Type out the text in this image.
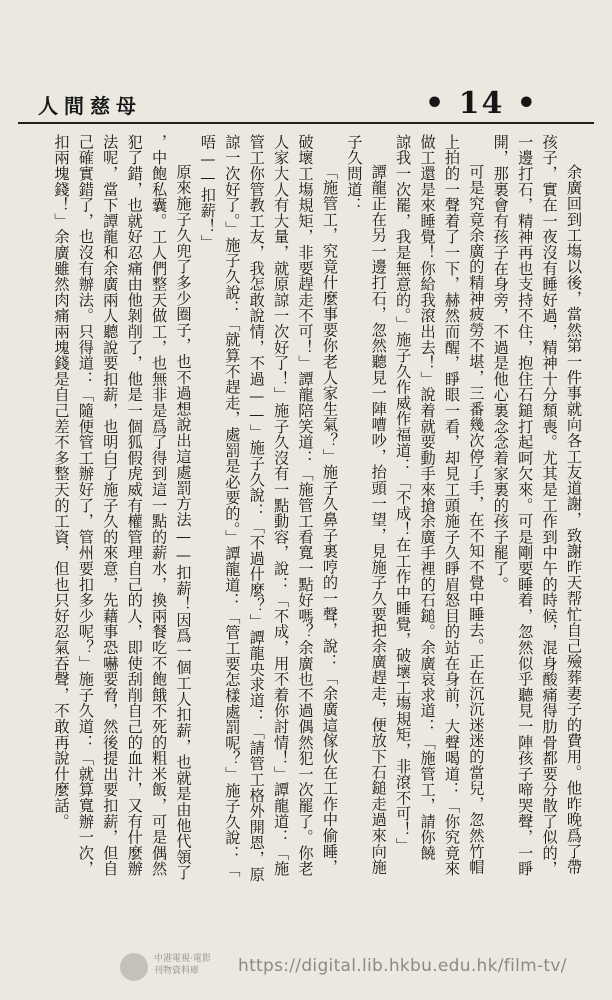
人間慈母	• 14 •

余廣回到工塲以後，當然第一件事就向各工友道謝，致謝昨天帮忙自己殮葬妻子的費用。他昨晚爲了帶

孩子，實在一夜沒有睡好過，精神十分頹喪。尤其是工作到中午的時候，混身酸痛得肋骨都要分散了似的，

一邊打石，精神再也支持不住，抱住石鎚打起呵欠來。可是剛要睡着，忽然似乎聽見一陣孩子啼哭聲，一睜

開，那裏會有孩子在身旁，不過是他心裏念念着家裏的孩子罷了。

可是究竟余廣的精神疲勞不堪，三番幾次停了手，在不知不覺中睡去。正在沉沉迷迷的當兒，忽然竹帽

上拍的一聲着了一下，赫然而醒，睜眼一看，却見工頭施子久睜眉怒目的站在身前，大聲喝道：「你究竟來

做工還是來睡覺！你給我滾出去！」說着就要動手來搶余廣手裡的石鎚。余廣哀求道：「施管工，請你饒

諒我一次罷，我是無意的。」施子久作威作福道：「不成！在工作中睡覺，破壞工塲規矩，非滾不可！」

譚龍正在另一邊打石，忽然聽見一陣嘈吵，抬頭一望，見施子久要把余廣趕走，便放下石鎚走過來向施

子久問道：

「施管工，究竟什麼事要你老人家生氣？」施子久鼻子裏哼的一聲，說：「余廣這傢伙在工作中偷睡，

破壞工塲規矩，非要趕走不可！」譚龍陪笑道：「施管工看寬一點好嗎？余廣也不過偶然犯一次罷了。你老

人家大人有大量，就原諒一次好了！」施子久沒有一點動容，說：「不成，用不着你討情！」譚龍道：「施

管工你管教工友，我怎敢說情，不過——」施子久說：「不過什麼？」譚龍央求道：「請管工格外開恩，原

諒一次好了。」施子久說：「就算不趕走，處罰是必要的。」譚龍道：「管工要怎樣處罰呢？」施子久說：「

唔——扣薪！」

原來施子久兜了多少圈子，也不過想說出這處罰方法——扣薪！因爲一個工人扣薪，也就是由他代領了

，中飽私囊。工人們整天做工，也無非是爲了得到這一點的薪水，換兩餐吃不飽餓不死的粗米飯，可是偶然

犯了錯，也就好忍痛由他剝削了，他是一個狐假虎威有權管理自己的人，即使刮削自己的血汁，又有什麼辦

法呢，當下譚龍和余廣兩人聽說要扣薪，也明白了施子久的來意，先藉事恐嚇要脅，然後提出要扣薪，但自

己確實錯了，也沒有辦法。只得道：「隨便管工辦好了，管州要扣多少呢？」施子久道：「就算寬辦一次，

扣兩塊錢！」余廣雖然肉痛兩塊錢是自己差不多整天的工資，但也只好忍氣吞聲，不敢再說什麼話。

中港電視·電影
刊物資料庫	https://digital.lib.hkbu.edu.hk/film-tv/
